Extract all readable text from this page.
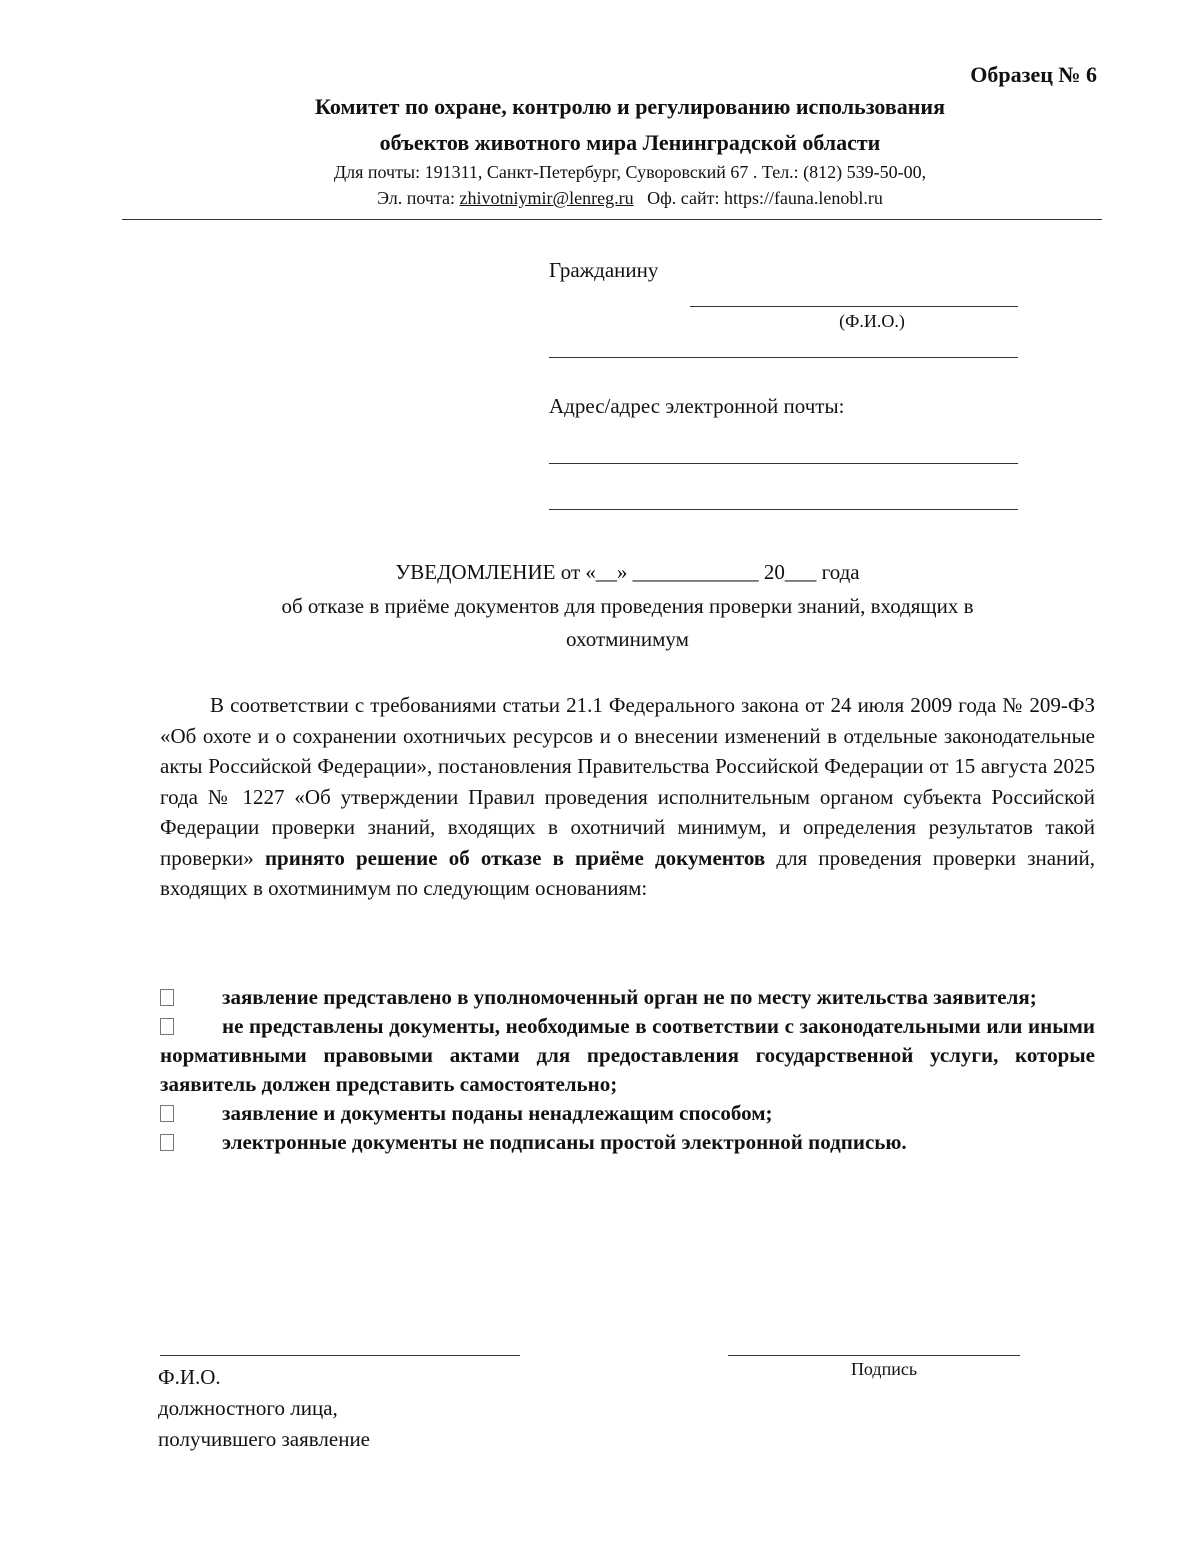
Образец № 6
Комитет по охране, контролю и регулированию использования
объектов животного мира Ленинградской области
Для почты: 191311, Санкт-Петербург, Суворовский 67 . Тел.: (812) 539-50-00,
Эл. почта: zhivotniymir@lenreg.ru Оф. сайт: https://fauna.lenobl.ru
Гражданину
(Ф.И.О.)
Адрес/адрес электронной почты:
УВЕДОМЛЕНИЕ от «__» ____________ 20___ года
об отказе в приёме документов для проведения проверки знаний, входящих в
охотминимум

В соответствии с требованиями статьи 21.1 Федерального закона от 24 июля 2009 года № 209-ФЗ «Об охоте и о сохранении охотничьих ресурсов и о внесении изменений в отдельные законодательные акты Российской Федерации», постановления Правительства Российской Федерации от 15 августа 2025 года № 1227 «Об утверждении Правил проведения исполнительным органом субъекта Российской Федерации проверки знаний, входящих в охотничий минимум, и определения результатов такой проверки» принято решение об отказе в приёме документов для проведения проверки знаний, входящих в охотминимум по следующим основаниям:

заявление представлено в уполномоченный орган не по месту жительства заявителя;
не представлены документы, необходимые в соответствии с законодательными или иными нормативными правовыми актами для предоставления государственной услуги, которые заявитель должен представить самостоятельно;
заявление и документы поданы ненадлежащим способом;
электронные документы не подписаны простой электронной подписью.
Подпись
Ф.И.О.
должностного лица,
получившего заявление
